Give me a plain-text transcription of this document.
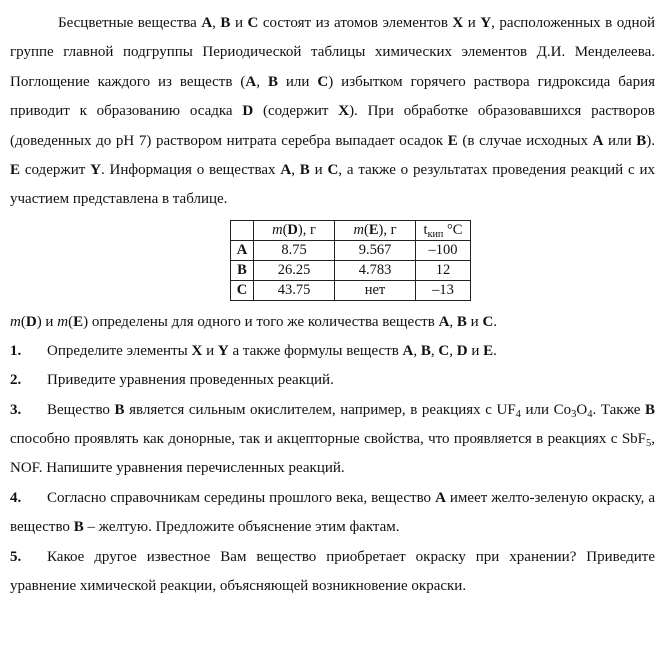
Бесцветные вещества A, B и C состоят из атомов элементов X и Y, расположенных в одной группе главной подгруппы Периодической таблицы химических элементов Д.И. Менделеева. Поглощение каждого из веществ (A, B или C) избытком горячего раствора гидроксида бария приводит к образованию осадка D (содержит X). При обработке образовавшихся растворов (доведенных до pH 7) раствором нитрата серебра выпадает осадок E (в случае исходных A или B). E содержит Y. Информация о веществах A, B и C, а также о результатах проведения реакций с их участием представлена в таблице.

	m(D), г	m(E), г	$t_{кип}$ °C
A	8.75	9.567	–100
B	26.25	4.783	12
C	43.75	нет	–13

m(D) и m(E) определены для одного и того же количества веществ A, B и C.

1.	Определите элементы X и Y а также формулы веществ A, B, C, D и E.
2.	Приведите уравнения проведенных реакций.
3. Вещество B является сильным окислителем, например, в реакциях с $UF_4$ или $Co_3O_4$. Также B способно проявлять как донорные, так и акцепторные свойства, что проявляется в реакциях с SbF$_5$, NOF. Напишите уравнения перечисленных реакций.
4. Согласно справочникам середины прошлого века, вещество A имеет желто-зеленую окраску, а вещество B – желтую. Предложите объяснение этим фактам.
5. Какое другое известное Вам вещество приобретает окраску при хранении? Приведите уравнение химической реакции, объясняющей возникновение окраски.
